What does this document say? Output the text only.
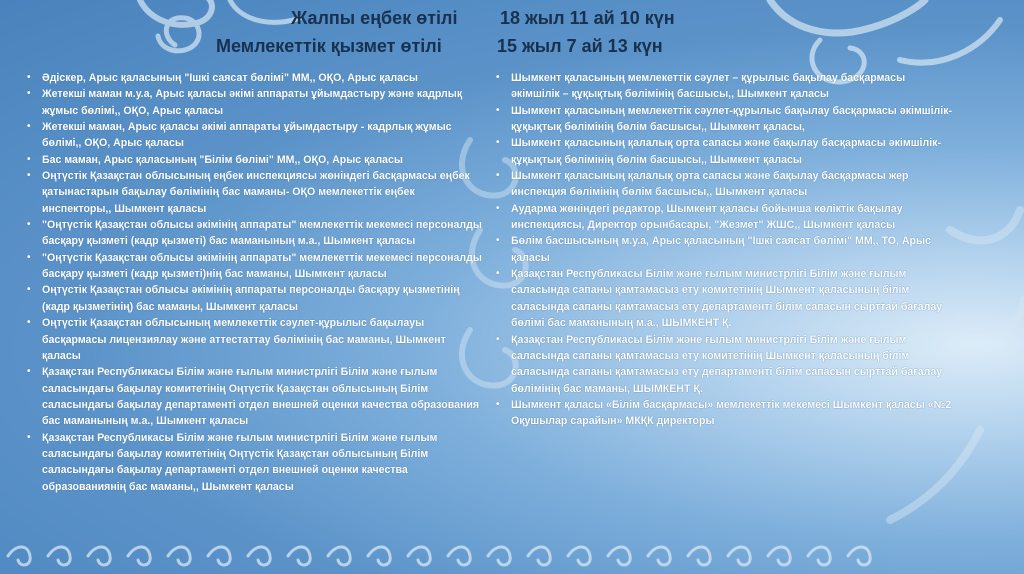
Жалпы еңбек өтілі 18 жыл 11 ай 10 күн
Мемлекеттік қызмет өтілі	15 жыл 7 ай 13 күн
• Әдіскер, Арыс қаласының "Ішкі саясат бөлімі" ММ,, ОҚО, Арыс қаласы
• Жетекші маман м.у.а, Арыс қаласы әкімі аппараты ұйымдастыру және кадрлық жұмыс бөлімі,, ОҚО, Арыс қаласы
• Жетекші маман, Арыс қаласы әкімі аппараты ұйымдастыру - кадрлық жұмыс бөлімі,, ОҚО, Арыс қаласы
• Бас маман, Арыс қаласының "Білім бөлімі" ММ,, ОҚО, Арыс қаласы
• Оңтүстік Қазақстан облысының еңбек инспекциясы жөніндегі басқармасы еңбек қатынастарын бақылау бөлімінің бас маманы- ОҚО мемлекеттік еңбек инспекторы,, Шымкент қаласы
• "Оңтүстік Қазақстан облысы әкімінің аппараты" мемлекеттік мекемесі персоналды басқару қызметі (кадр қызметі) бас маманының м.а., Шымкент қаласы
• "Оңтүстік Қазақстан облысы әкімінің аппараты" мемлекеттік мекемесі персоналды басқару қызметі (кадр қызметі)нің бас маманы, Шымкент қаласы
• Оңтүстік Қазақстан облысы әкімінің аппараты персоналды басқару қызметінің (кадр қызметінің) бас маманы, Шымкент қаласы
• Оңтүстік Қазақстан облысының мемлекеттік сәулет-құрылыс бақылауы басқармасы лицензиялау және аттестаттау бөлімінің бас маманы, Шымкент қаласы
• Қазақстан Республикасы Білім және ғылым министрлігі Білім және ғылым саласындағы бақылау комитетінің Оңтүстік Қазақстан облысының Білім саласындағы бақылау департаменті отдел внешней оценки качества образования бас маманының м.а., Шымкент қаласы
• Қазақстан Республикасы Білім және ғылым министрлігі Білім және ғылым саласындағы бақылау комитетінің Оңтүстік Қазақстан облысының Білім саласындағы бақылау департаменті отдел внешней оценки качества образованиянің бас маманы,, Шымкент қаласы
• Шымкент қаласының мемлекеттік сәулет – құрылыс бақылау басқармасы әкімшілік – құқықтық бөлімінің басшысы,, Шымкент қаласы
• Шымкент қаласының мемлекеттік сәулет-құрылыс бақылау басқармасы әкімшілік-құқықтық бөлімінің бөлім басшысы,, Шымкент қаласы,
• Шымкент қаласының қалалық орта сапасы және бақылау басқармасы әкімшілік-құқықтық бөлімінің бөлім басшысы,, Шымкент қаласы
• Шымкент қаласының қалалық орта сапасы және бақылау басқармасы жер инспекция бөлімінің бөлім басшысы,, Шымкент қаласы
• Аударма жөніндегі редактор, Шымкент қаласы бойынша көліктік бақылау инспекциясы, Директор орынбасары, "Жезмет" ЖШС,, Шымкент қаласы
• Бөлім басшысының м.у.а, Арыс қаласының "Ішкі саясат бөлімі" ММ,, ТО, Арыс қаласы
• Қазақстан Республикасы Білім және ғылым министрлігі Білім және ғылым саласында сапаны қамтамасыз ету комитетінің Шымкент қаласының білім саласында сапаны қамтамасыз ету департаменті білім сапасын сырттай бағалау бөлімі бас маманының м.а., ШЫМКЕНТ Қ.
• Қазақстан Республикасы Білім және ғылым министрлігі Білім және ғылым саласында сапаны қамтамасыз ету комитетінің Шымкент қаласының білім саласында сапаны қамтамасыз ету департаменті білім сапасын сырттай бағалау бөлімінің бас маманы, ШЫМКЕНТ Қ.
• Шымкент қаласы «Білім басқармасы» мемлекеттік мекемесі Шымкент қаласы «№2 Оқушылар сарайын» МКҚК директоры
